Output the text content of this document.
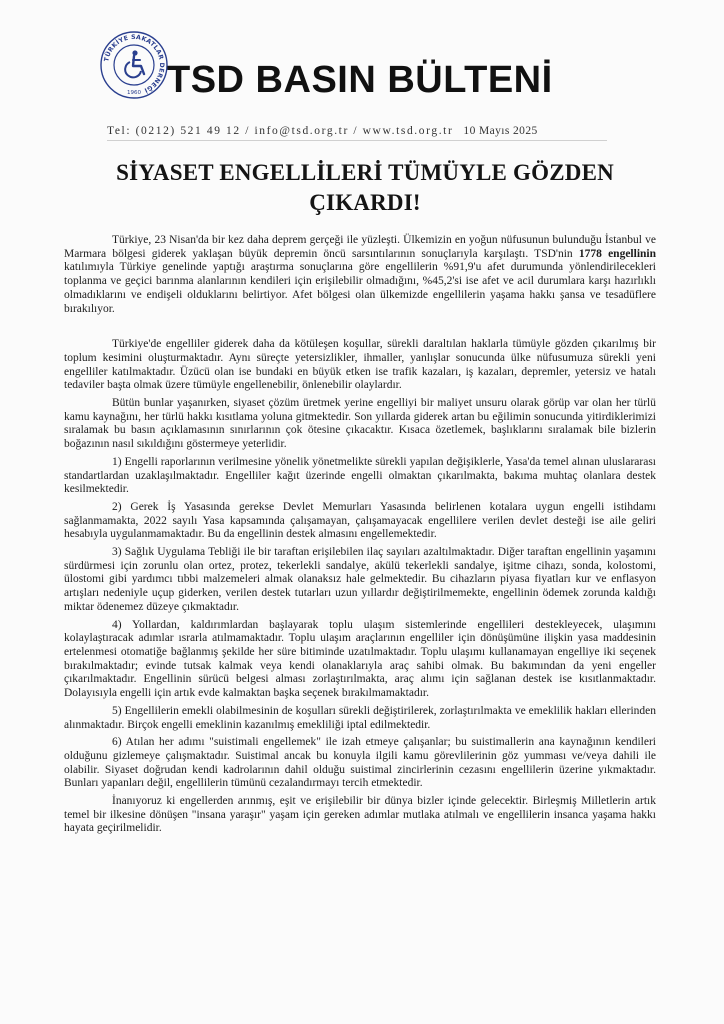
TÜRKİYE SAKATLAR DERNEĞİ
1960 TSD BASIN BÜLTENİ
Tel: (0212) 521 49 12 / info@tsd.org.tr / www.tsd.org.tr 10 Mayıs 2025
SİYASET ENGELLİLERİ TÜMÜYLE GÖZDEN
ÇIKARDI!

Türkiye, 23 Nisan'da bir kez daha deprem gerçeği ile yüzleşti. Ülkemizin en yoğun nüfusunun bulunduğu İstanbul ve Marmara bölgesi giderek yaklaşan büyük depremin öncü sarsıntılarının sonuçlarıyla karşılaştı. TSD'nin 1778 engellinin katılımıyla Türkiye genelinde yaptığı araştırma sonuçlarına göre engellilerin %91,9'u afet durumunda yönlendirilecekleri toplanma ve geçici barınma alanlarının kendileri için erişilebilir olmadığını, %45,2'si ise afet ve acil durumlara karşı hazırlıklı olmadıklarını ve endişeli olduklarını belirtiyor. Afet bölgesi olan ülkemizde engellilerin yaşama hakkı şansa ve tesadüflere bırakılıyor.

Türkiye'de engelliler giderek daha da kötüleşen koşullar, sürekli daraltılan haklarla tümüyle gözden çıkarılmış bir toplum kesimini oluşturmaktadır. Aynı süreçte yetersizlikler, ihmaller, yanlışlar sonucunda ülke nüfusumuza sürekli yeni engelliler katılmaktadır. Üzücü olan ise bundaki en büyük etken ise trafik kazaları, iş kazaları, depremler, yetersiz ve hatalı tedaviler başta olmak üzere tümüyle engellenebilir, önlenebilir olaylardır.

Bütün bunlar yaşanırken, siyaset çözüm üretmek yerine engelliyi bir maliyet unsuru olarak görüp var olan her türlü kamu kaynağını, her türlü hakkı kısıtlama yoluna gitmektedir. Son yıllarda giderek artan bu eğilimin sonucunda yitirdiklerimizi sıralamak bu basın açıklamasının sınırlarının çok ötesine çıkacaktır. Kısaca özetlemek, başlıklarını sıralamak bile bizlerin boğazının nasıl sıkıldığını göstermeye yeterlidir.

1) Engelli raporlarının verilmesine yönelik yönetmelikte sürekli yapılan değişiklerle, Yasa'da temel alınan uluslararası standartlardan uzaklaşılmaktadır. Engelliler kağıt üzerinde engelli olmaktan çıkarılmakta, bakıma muhtaç olanlara destek kesilmektedir.

2) Gerek İş Yasasında gerekse Devlet Memurları Yasasında belirlenen kotalara uygun engelli istihdamı sağlanmamakta, 2022 sayılı Yasa kapsamında çalışamayan, çalışamayacak engellilere verilen devlet desteği ise aile geliri hesabıyla uygulanmamaktadır. Bu da engellinin destek almasını engellemektedir.

3) Sağlık Uygulama Tebliği ile bir taraftan erişilebilen ilaç sayıları azaltılmaktadır. Diğer taraftan engellinin yaşamını sürdürmesi için zorunlu olan ortez, protez, tekerlekli sandalye, akülü tekerlekli sandalye, işitme cihazı, sonda, kolostomi, ülostomi gibi yardımcı tıbbi malzemeleri almak olanaksız hale gelmektedir. Bu cihazların piyasa fiyatları kur ve enflasyon artışları nedeniyle uçup giderken, verilen destek tutarları uzun yıllardır değiştirilmemekte, engellinin ödemek zorunda kaldığı miktar ödenemez düzeye çıkmaktadır.

4) Yollardan, kaldırımlardan başlayarak toplu ulaşım sistemlerinde engellileri destekleyecek, ulaşımını kolaylaştıracak adımlar ısrarla atılmamaktadır. Toplu ulaşım araçlarının engelliler için dönüşümüne ilişkin yasa maddesinin ertelenmesi otomatiğe bağlanmış şekilde her süre bitiminde uzatılmaktadır. Toplu ulaşımı kullanamayan engelliye iki seçenek bırakılmaktadır; evinde tutsak kalmak veya kendi olanaklarıyla araç sahibi olmak. Bu bakımından da yeni engeller çıkarılmaktadır. Engellinin sürücü belgesi alması zorlaştırılmakta, araç alımı için sağlanan destek ise kısıtlanmaktadır. Dolayısıyla engelli için artık evde kalmaktan başka seçenek bırakılmamaktadır.

5) Engellilerin emekli olabilmesinin de koşulları sürekli değiştirilerek, zorlaştırılmakta ve emeklilik hakları ellerinden alınmaktadır. Birçok engelli emeklinin kazanılmış emekliliği iptal edilmektedir.

6) Atılan her adımı "suistimali engellemek" ile izah etmeye çalışanlar; bu suistimallerin ana kaynağının kendileri olduğunu gizlemeye çalışmaktadır. Suistimal ancak bu konuyla ilgili kamu görevlilerinin göz yumması ve/veya dahili ile olabilir. Siyaset doğrudan kendi kadrolarının dahil olduğu suistimal zincirlerinin cezasını engellilerin üzerine yıkmaktadır. Bunları yapanları değil, engellilerin tümünü cezalandırmayı tercih etmektedir.

İnanıyoruz ki engellerden arınmış, eşit ve erişilebilir bir dünya bizler içinde gelecektir. Birleşmiş Milletlerin artık temel bir ilkesine dönüşen "insana yaraşır" yaşam için gereken adımlar mutlaka atılmalı ve engellilerin insanca yaşama hakkı hayata geçirilmelidir.
